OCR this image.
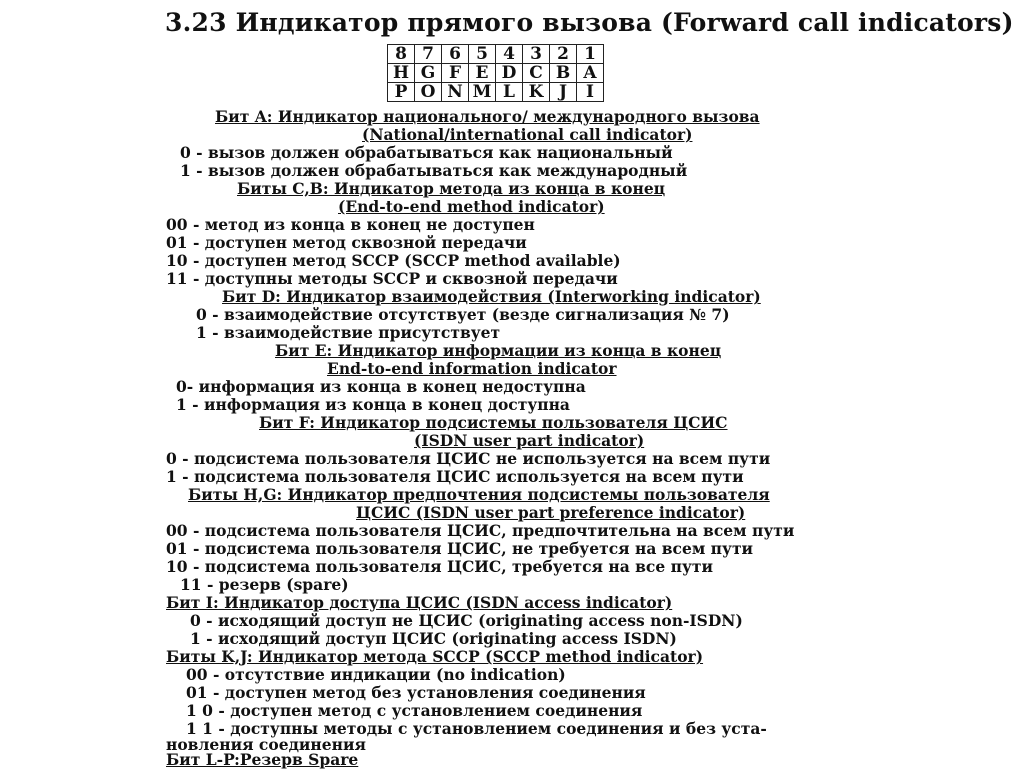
3.23 Индикатор прямого вызова (Forward call indicators)
8	7	6	5	4	3	2	1
H	G	F	E	D	C	B	A
P	O	N	M	L	K	J	I
Бит A: Индикатор национального/ международного вызова
(National/international call indicator)
0 - вызов должен обрабатываться как национальный
1 - вызов должен обрабатываться как международный
Биты C,B: Индикатор метода из конца в конец
(End-to-end method indicator)
00 - метод из конца в конец не доступен
01 - доступен метод сквозной передачи
10 - доступен метод SCCP (SCCP method available)
11 - доступны методы SCCP и сквозной передачи
Бит D: Индикатор взаимодействия (Interworking indicator)
0 - взаимодействие отсутствует (везде сигнализация № 7)
1 - взаимодействие присутствует
Бит E: Индикатор информации из конца в конец
End-to-end information indicator
0- информация из конца в конец недоступна
1 - информация из конца в конец доступна
Бит F: Индикатор подсистемы пользователя ЦСИС
(ISDN user part indicator)
0 - подсистема пользователя ЦСИС не используется на всем пути
1 - подсистема пользователя ЦСИС используется на всем пути
Биты H,G: Индикатор предпочтения подсистемы пользователя
ЦСИС (ISDN user part preference indicator)
00 - подсистема пользователя ЦСИС, предпочтительна на всем пути
01 - подсистема пользователя ЦСИС, не требуется на всем пути
10 - подсистема пользователя ЦСИС, требуется на все пути
11 - резерв (spare)
Бит I: Индикатор доступа ЦСИС (ISDN access indicator)
0 - исходящий доступ не ЦСИС (originating access non-ISDN)
1 - исходящий доступ ЦСИС (originating access ISDN)
Биты K,J: Индикатор метода SCCP (SCCP method indicator)
00 - отсутствие индикации (no indication)
01 - доступен метод без установления соединения
1 0 - доступен метод с установлением соединения
1 1 - доступны методы с установлением соединения и без уста-
новления соединения
Бит L-P:Резерв Spare
